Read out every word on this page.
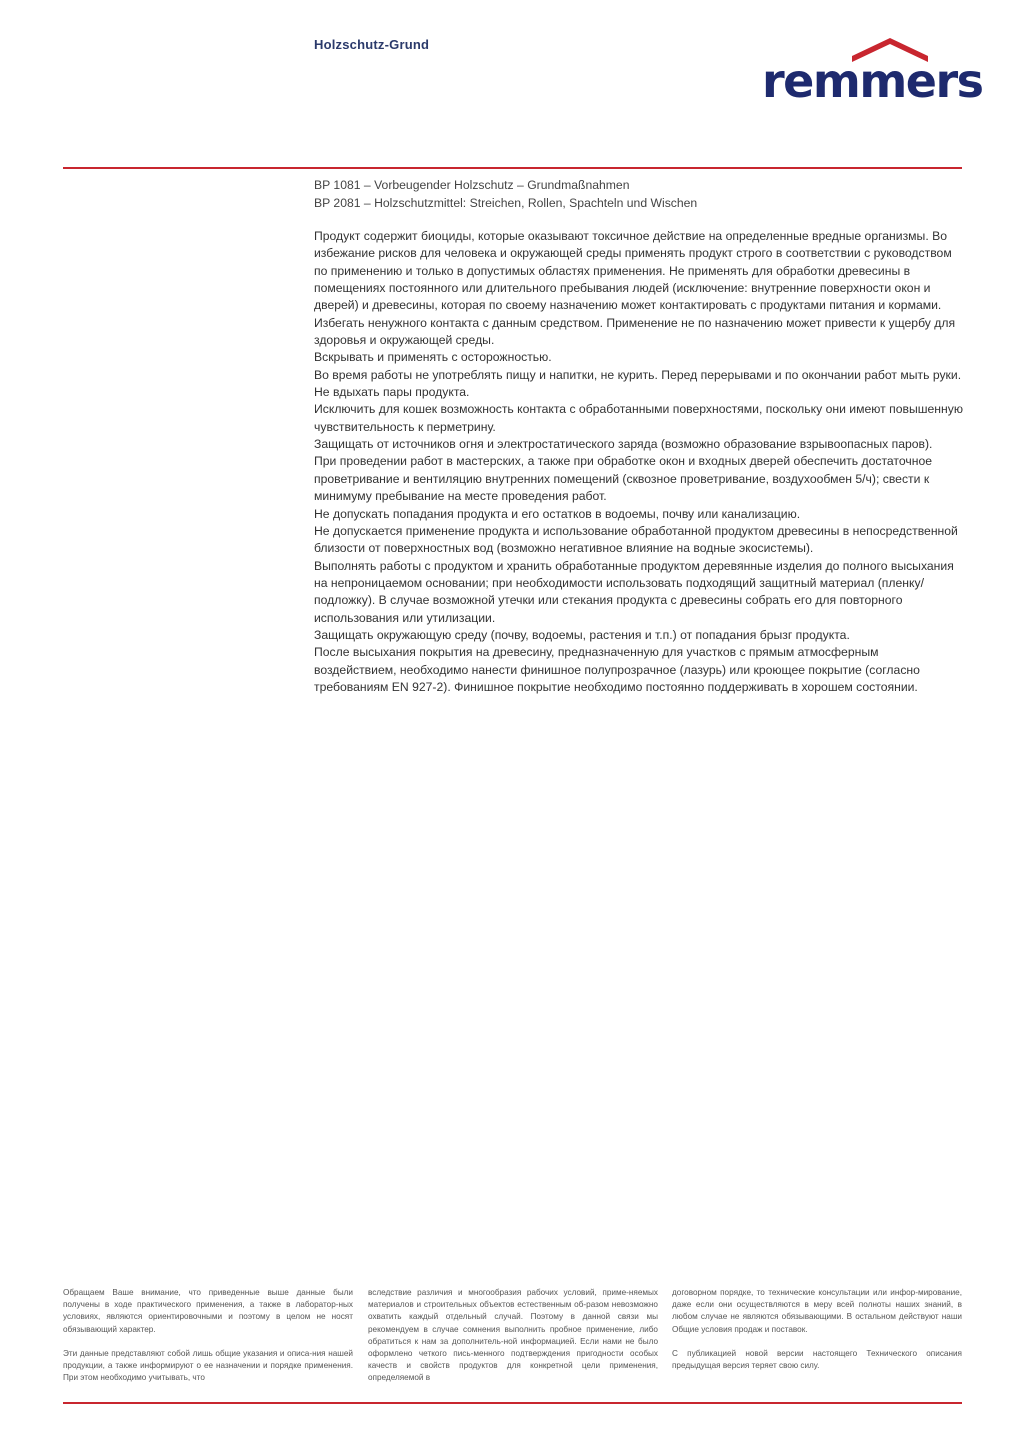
Holzschutz-Grund
remmers

BP 1081 – Vorbeugender Holzschutz – Grundmaßnahmen

BP 2081 – Holzschutzmittel: Streichen, Rollen, Spachteln und Wischen

Продукт содержит биоциды, которые оказывают токсичное действие на определенные вредные организмы. Во избежание рисков для человека и окружающей среды применять продукт строго в соответствии с руководством по применению и только в допустимых областях применения. Не применять для обработки древесины в помещениях постоянного или длительного пребывания людей (исключение: внутренние поверхности окон и дверей) и древесины, которая по своему назначению может контактировать с продуктами питания и кормами. Избегать ненужного контакта с данным средством. Применение не по назначению может привести к ущербу для здоровья и окружающей среды.

Вскрывать и применять с осторожностью.

Во время работы не употреблять пищу и напитки, не курить. Перед перерывами и по окончании работ мыть руки. Не вдыхать пары продукта.

Исключить для кошек возможность контакта с обработанными поверхностями, поскольку они имеют повышенную чувствительность к перметрину.

Защищать от источников огня и электростатического заряда (возможно образование взрывоопасных паров).

При проведении работ в мастерских, а также при обработке окон и входных дверей обеспечить достаточное проветривание и вентиляцию внутренних помещений (сквозное проветривание, воздухообмен 5/ч); свести к минимуму пребывание на месте проведения работ.

Не допускать попадания продукта и его остатков в водоемы, почву или канализацию.

Не допускается применение продукта и использование обработанной продуктом древесины в непосредственной близости от поверхностных вод (возможно негативное влияние на водные экосистемы).

Выполнять работы с продуктом и хранить обработанные продуктом деревянные изделия до полного высыхания на непроницаемом основании; при необходимости использовать подходящий защитный материал (пленку/подложку). В случае возможной утечки или стекания продукта с древесины собрать его для повторного использования или утилизации.

Защищать окружающую среду (почву, водоемы, растения и т.п.) от попадания брызг продукта.

После высыхания покрытия на древесину, предназначенную для участков с прямым атмосферным воздействием, необходимо нанести финишное полупрозрачное (лазурь) или кроющее покрытие (согласно требованиям EN 927-2). Финишное покрытие необходимо постоянно поддерживать в хорошем состоянии.

Обращаем Ваше внимание, что приведенные выше данные были получены в ходе практического применения, а также в лаборатор-ных условиях, являются ориентировочными и поэтому в целом не носят обязывающий характер.

Эти данные представляют собой лишь общие указания и описа-ния нашей продукции, а также информируют о ее назначении и порядке применения. При этом необходимо учитывать, что

вследствие различия и многообразия рабочих условий, приме-няемых материалов и строительных объектов естественным об-разом невозможно охватить каждый отдельный случай. Поэтому в данной связи мы рекомендуем в случае сомнения выполнить пробное применение, либо обратиться к нам за дополнитель-ной информацией. Если нами не было оформлено четкого пись-менного подтверждения пригодности особых качеств и свойств продуктов для конкретной цели применения, определяемой в

договорном порядке, то технические консультации или инфор-мирование, даже если они осуществляются в меру всей полноты наших знаний, в любом случае не являются обязывающими. В остальном действуют наши Общие условия продаж и поставок.

С публикацией новой версии настоящего Технического описания предыдущая версия теряет свою силу.
